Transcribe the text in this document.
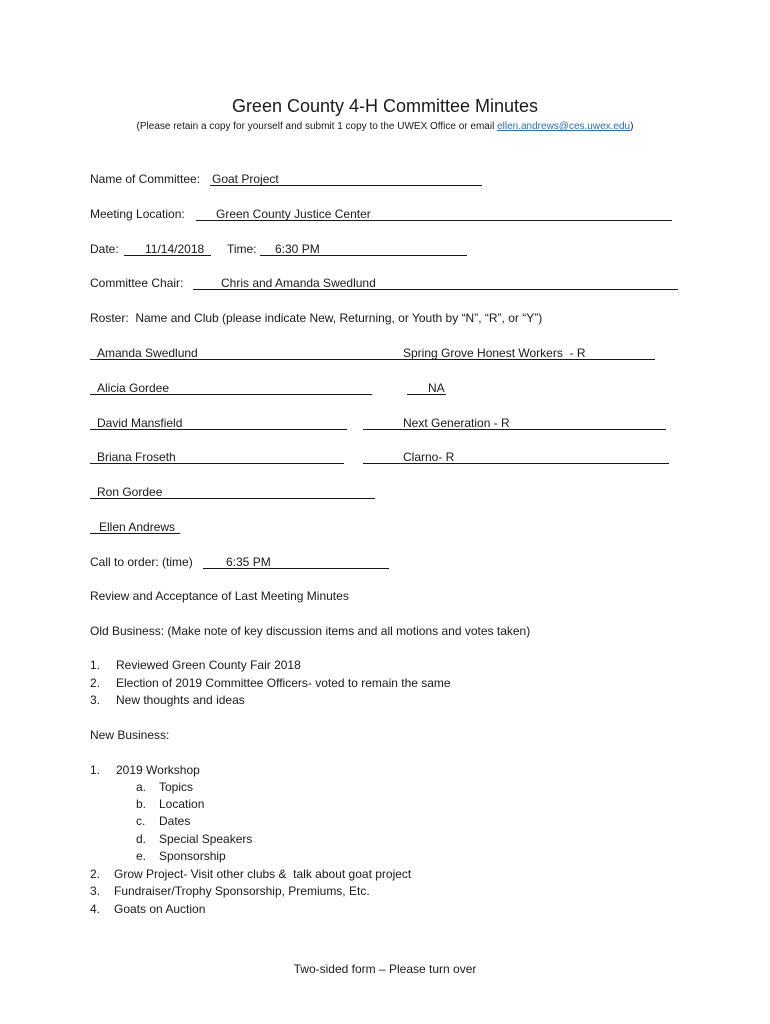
Green County 4-H Committee Minutes
(Please retain a copy for yourself and submit 1 copy to the UWEX Office or email ellen.andrews@ces.uwex.edu)
Name of Committee: Goat Project
Meeting Location: Green County Justice Center
Date: 11/14/2018 Time: 6:30 PM
Committee Chair:	Chris and Amanda Swedlund
Roster:  Name and Club (please indicate New, Returning, or Youth by “N”, “R”, or “Y”)
Amanda Swedlund	Spring Grove Honest Workers  - R
Alicia Gordee	NA
David Mansfield	Next Generation - R
Briana Froseth	Clarno- R
Ron Gordee
Ellen Andrews
Call to order: (time) 6:35 PM
Review and Acceptance of Last Meeting Minutes
Old Business: (Make note of key discussion items and all motions and votes taken)
1. Reviewed Green County Fair 2018
2. Election of 2019 Committee Officers- voted to remain the same
3. New thoughts and ideas
New Business:
1. 2019 Workshop
a. Topics
b. Location
c. Dates
d. Special Speakers
e. Sponsorship
2. Grow Project- Visit other clubs &  talk about goat project
3. Fundraiser/Trophy Sponsorship, Premiums, Etc.
4. Goats on Auction
Two-sided form – Please turn over
